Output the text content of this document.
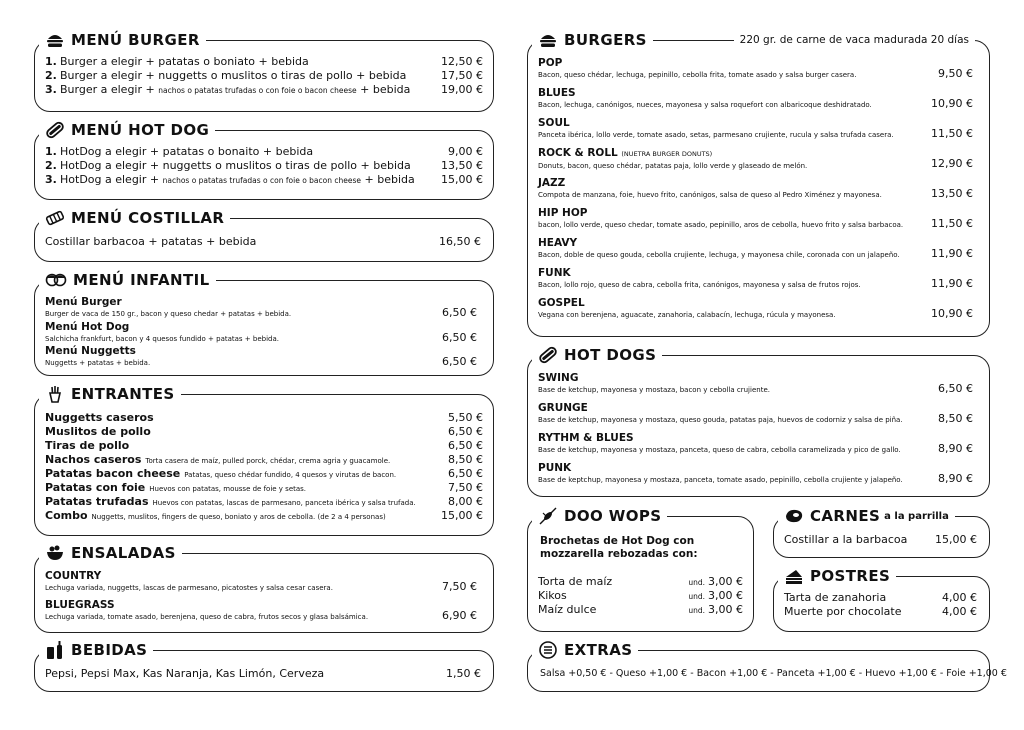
MENÚ BURGER
1. Burger a elegir + patatas o boniato + bebida	12,50 €
2. Burger a elegir + nuggetts o muslitos o tiras de pollo + bebida	17,50 €
3. Burger a elegir + nachos o patatas trufadas o con foie o bacon cheese + bebida	19,00 €
MENÚ HOT DOG
1. HotDog a elegir + patatas o bonaito + bebida	9,00 €
2. HotDog a elegir + nuggetts o muslitos o tiras de pollo + bebida	13,50 €
3. HotDog a elegir + nachos o patatas trufadas o con foie o bacon cheese + bebida	15,00 €
MENÚ COSTILLAR
Costillar barbacoa + patatas + bebida	16,50 €
MENÚ INFANTIL
Menú Burger
Burger de vaca de 150 gr., bacon y queso chedar + patatas + bebida.	6,50 €
Menú Hot Dog
Salchicha frankfurt, bacon y 4 quesos fundido + patatas + bebida.	6,50 €
Menú Nuggetts
Nuggetts + patatas + bebida.	6,50 €
ENTRANTES
Nuggetts caseros	5,50 €
Muslitos de pollo	6,50 €
Tiras de pollo	6,50 €
Nachos caseros Torta casera de maíz, pulled porck, chédar, crema agria y guacamole.	8,50 €
Patatas bacon cheese Patatas, queso chédar fundido, 4 quesos y virutas de bacon.	6,50 €
Patatas con foie Huevos con patatas, mousse de foie y setas.	7,50 €
Patatas trufadas Huevos con patatas, lascas de parmesano, panceta ibérica y salsa trufada.	8,00 €
Combo Nuggetts, muslitos, fingers de queso, boniato y aros de cebolla. (de 2 a 4 personas)	15,00 €
ENSALADAS
COUNTRY
Lechuga variada, nuggetts, lascas de parmesano, picatostes y salsa cesar casera.	7,50 €
BLUEGRASS
Lechuga variada, tomate asado, berenjena, queso de cabra, frutos secos y glasa balsámica.	6,90 €
BEBIDAS
Pepsi, Pepsi Max, Kas Naranja, Kas Limón, Cerveza	1,50 €
BURGERS	220 gr. de carne de vaca madurada 20 días
POP
Bacon, queso chédar, lechuga, pepinillo, cebolla frita, tomate asado y salsa burger casera.	9,50 €
BLUES
Bacon, lechuga, canónigos, nueces, mayonesa y salsa roquefort con albaricoque deshidratado.	10,90 €
SOUL
Panceta ibérica, lollo verde, tomate asado, setas, parmesano crujiente, rucula y salsa trufada casera.	11,50 €
ROCK & ROLL (NUETRA BURGER DONUTS)
Donuts, bacon, queso chédar, patatas paja, lollo verde y glaseado de melón.	12,90 €
JAZZ
Compota de manzana, foie, huevo frito, canónigos, salsa de queso al Pedro Ximénez y mayonesa.	13,50 €
HIP HOP
bacon, lollo verde, queso chedar, tomate asado, pepinillo, aros de cebolla, huevo frito y salsa barbacoa.	11,50 €
HEAVY
Bacon, doble de queso gouda, cebolla crujiente, lechuga, y mayonesa chile, coronada con un jalapeño.	11,90 €
FUNK
Bacon, lollo rojo, queso de cabra, cebolla frita, canónigos, mayonesa y salsa de frutos rojos.	11,90 €
GOSPEL
Vegana con berenjena, aguacate, zanahoria, calabacín, lechuga, rúcula y mayonesa.	10,90 €
HOT DOGS
SWING
Base de ketchup, mayonesa y mostaza, bacon y cebolla crujiente.	6,50 €
GRUNGE
Base de ketchup, mayonesa y mostaza, queso gouda, patatas paja, huevos de codorniz y salsa de piña.	8,50 €
RYTHM & BLUES
Base de ketchup, mayonesa y mostaza, panceta, queso de cabra, cebolla caramelizada y pico de gallo.	8,90 €
PUNK
Base de keptchup, mayonesa y mostaza, panceta, tomate asado, pepinillo, cebolla crujiente y jalapeño.	8,90 €
DOO WOPS
Brochetas de Hot Dog con mozzarella rebozadas con:
Torta de maíz	und. 3,00 €
Kikos	und. 3,00 €
Maíz dulce	und. 3,00 €
CARNES a la parrilla
Costillar a la barbacoa	15,00 €
POSTRES
Tarta de zanahoria	4,00 €
Muerte por chocolate	4,00 €
EXTRAS
Salsa +0,50 € - Queso +1,00 € - Bacon +1,00 € - Panceta +1,00 € - Huevo +1,00 € - Foie +1,00 €
